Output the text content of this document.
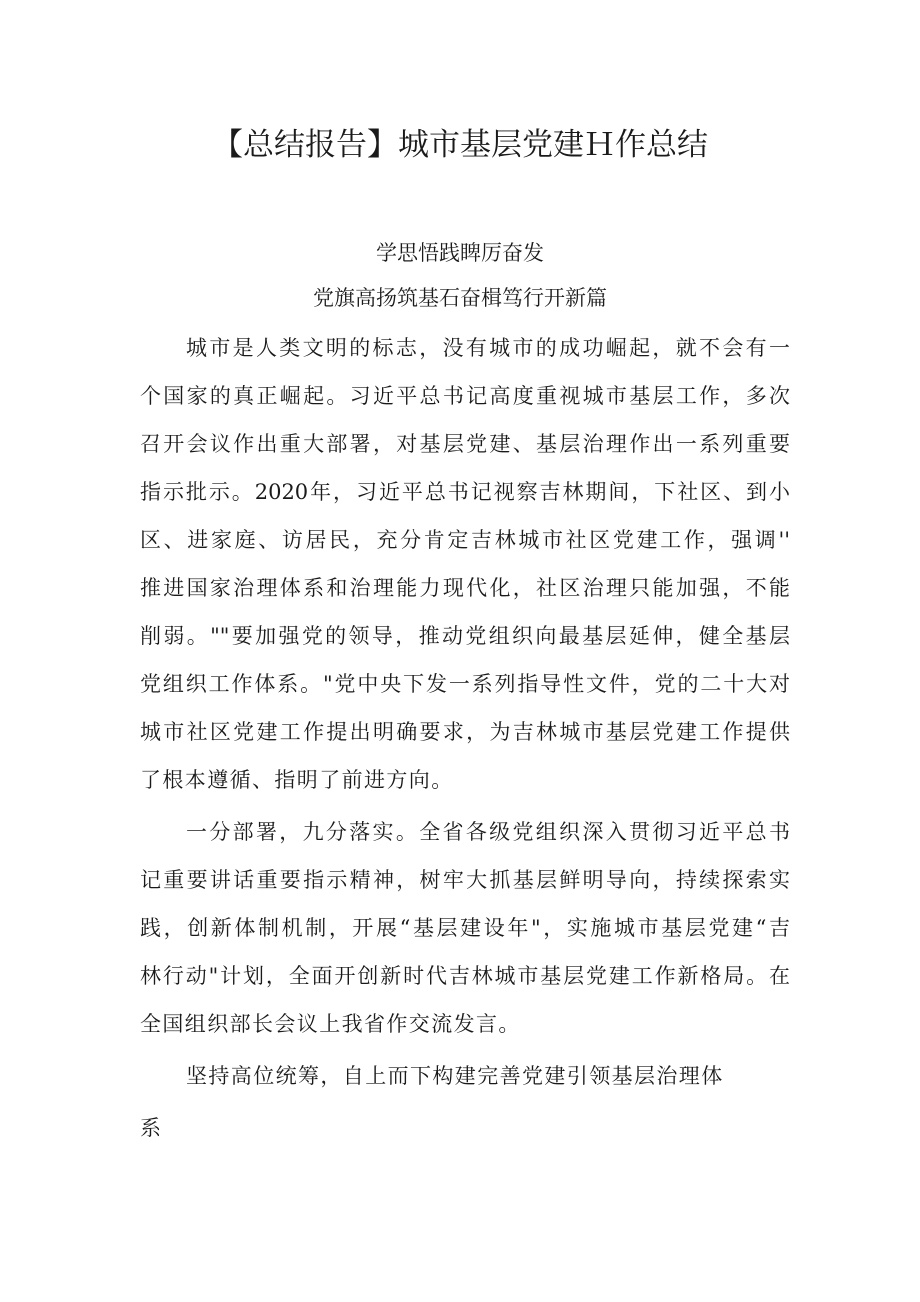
【总结报告】城市基层党建Ｈ作总结
学思悟践睥厉奋发
党旗高扬筑基石奋楫笃行开新篇
城市是人类文明的标志，没有城市的成功崛起，就不会有一
个国家的真正崛起。习近平总书记高度重视城市基层工作，多次
召开会议作出重大部署，对基层党建、基层治理作出一系列重要
指示批示。2020年，习近平总书记视察吉林期间，下社区、到小
区、进家庭、访居民，充分肯定吉林城市社区党建工作，强调''
推进国家治理体系和治理能力现代化，社区治理只能加强，不能
削弱。""要加强党的领导，推动党组织向最基层延伸，健全基层
党组织工作体系。"党中央下发一系列指导性文件，党的二十大对
城市社区党建工作提出明确要求，为吉林城市基层党建工作提供
了根本遵循、指明了前进方向。
一分部署，九分落实。全省各级党组织深入贯彻习近平总书
记重要讲话重要指示精神，树牢大抓基层鲜明导向，持续探索实
践，创新体制机制，开展“基层建设年"，实施城市基层党建“吉
林行动"计划，全面开创新时代吉林城市基层党建工作新格局。在
全国组织部长会议上我省作交流发言。
坚持高位统筹，自上而下构建完善党建引领基层治理体
系
